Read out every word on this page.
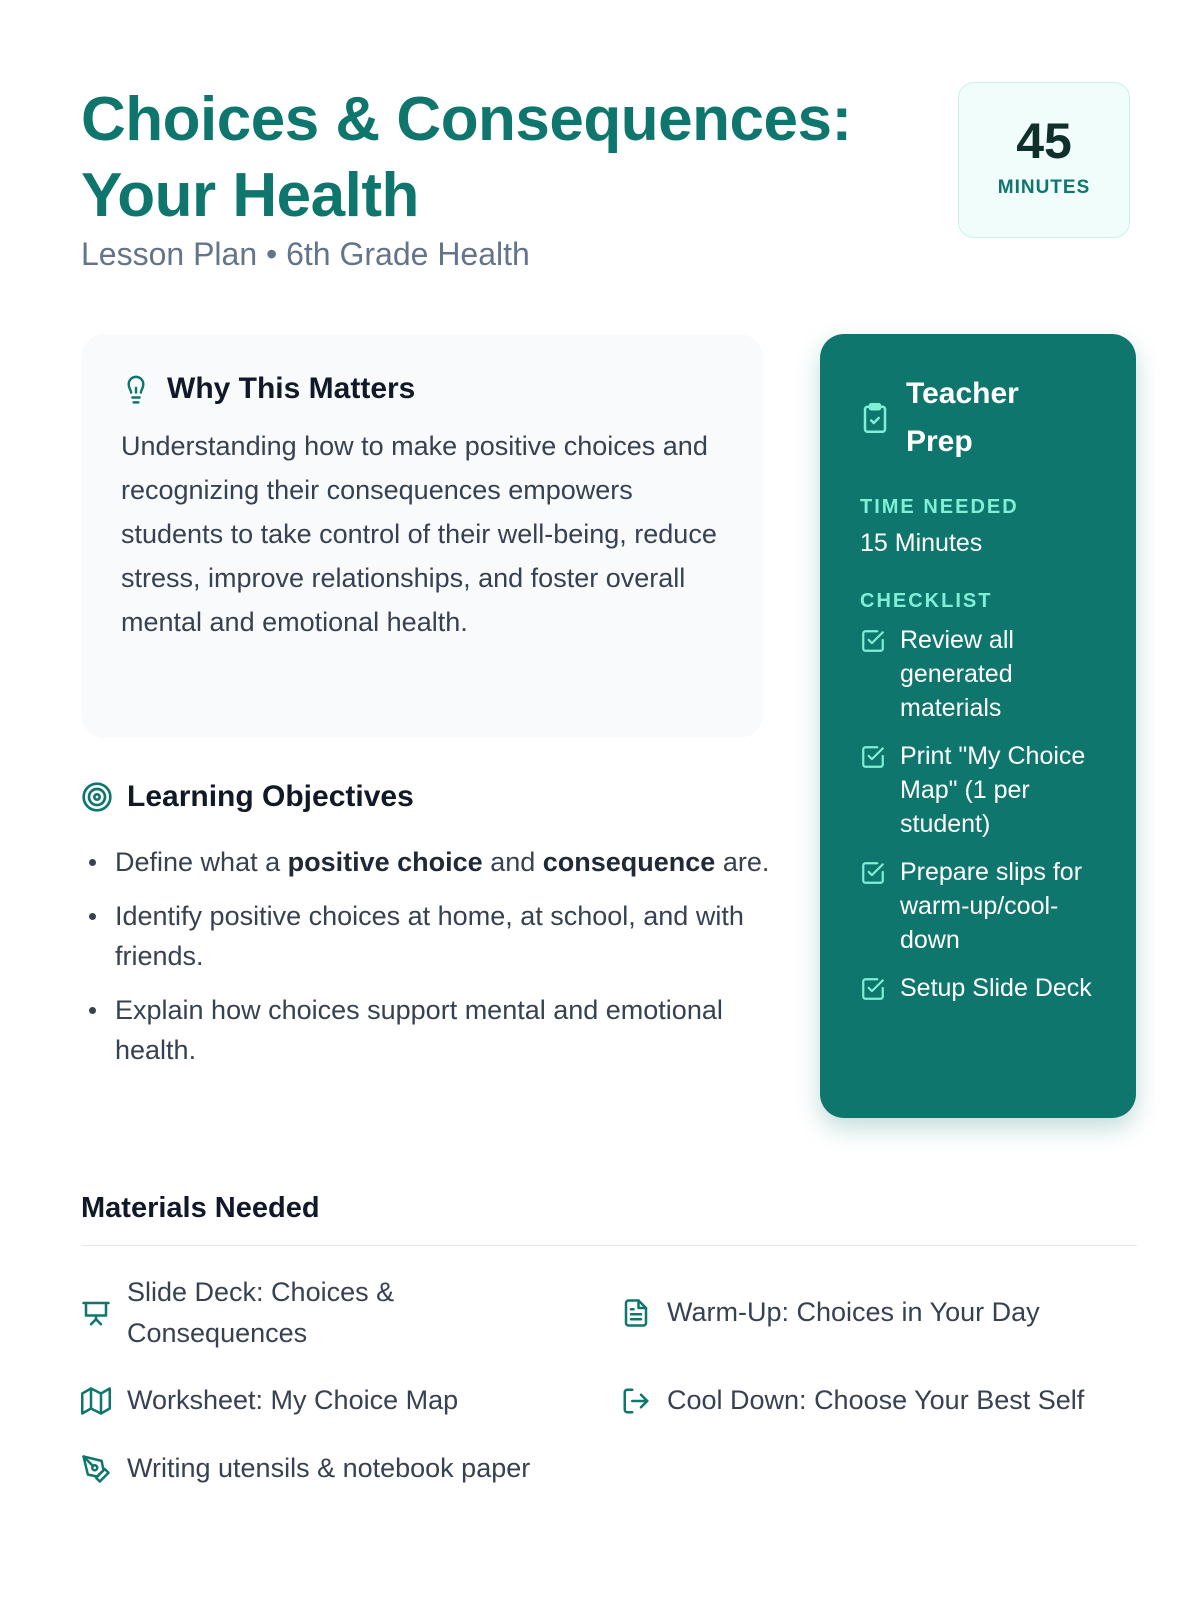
Choices & Consequences:
Your Health
Lesson Plan • 6th Grade Health
45
MINUTES
Why This Matters
Understanding how to make positive choices and recognizing their consequences empowers students to take control of their well-being, reduce stress, improve relationships, and foster overall mental and emotional health.
Learning Objectives
Define what a positive choice and consequence are.
Identify positive choices at home, at school, and with friends.
Explain how choices support mental and emotional health.
Teacher Prep
TIME NEEDED
15 Minutes
CHECKLIST
Review all generated materials
Print "My Choice Map" (1 per student)
Prepare slips for warm-up/cool-down
Setup Slide Deck
Materials Needed
Slide Deck: Choices & Consequences
Warm-Up: Choices in Your Day
Worksheet: My Choice Map	Cool Down: Choose Your Best Self
Writing utensils & notebook paper
